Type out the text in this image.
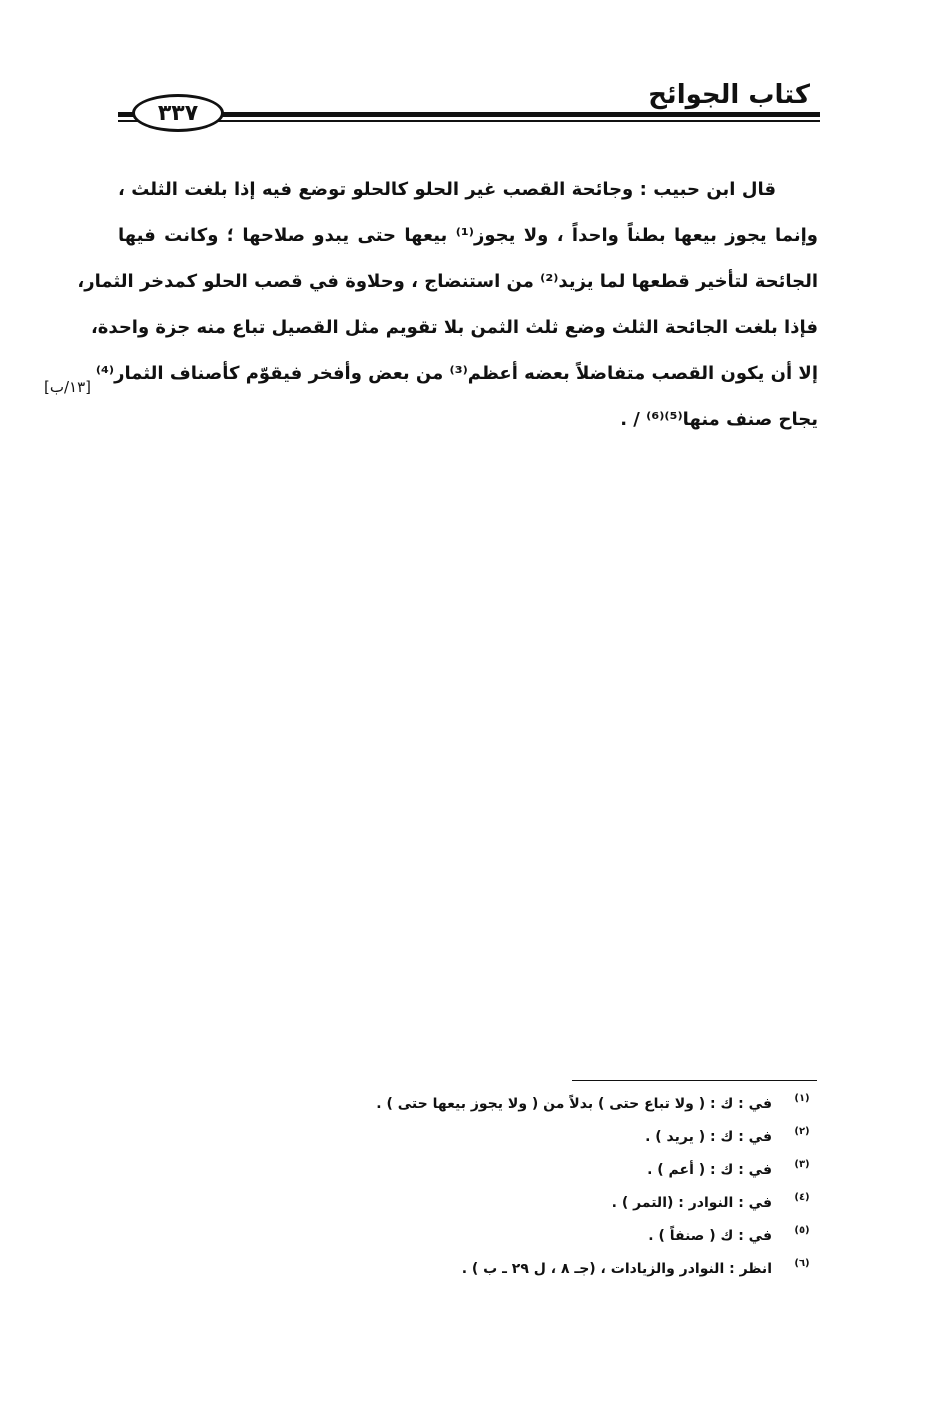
كتاب الجوائح
٣٣٧
قال ابن حبيب : وجائحة القصب غير الحلو كالحلو توضع فيه إذا بلغت الثلث ،
وإنما يجوز بيعها بطناً واحداً ، ولا يجوز⁽¹⁾ بيعها حتى يبدو صلاحها ؛ وكانت فيها
الجائحة لتأخير قطعها لما يزيد⁽²⁾ من استنضاج ، وحلاوة في قصب الحلو كمدخر الثمار،
فإذا بلغت الجائحة الثلث وضع ثلث الثمن بلا تقويم مثل القصيل تباع منه جزة واحدة،
إلا أن يكون القصب متفاضلاً بعضه أعظم⁽³⁾ من بعض وأفخر فيقوّم كأصناف الثمار⁽⁴⁾
يجاح صنف منها⁽⁵⁾⁽⁶⁾ / .
[١٣/ب]
(١)
في : ك : ( ولا تباع حتى ) بدلاً من ( ولا يجوز بيعها حتى ) .
(٢)
في : ك : ( يريد ) .
(٣)
في : ك : ( أعم ) .
(٤)
في : النوادر : (التمر ) .
(٥)
في : ك ( صنفاً ) .
(٦)
انظر : النوادر والزيادات ، (جـ ٨ ، ل ٢٩ ـ ب ) .
